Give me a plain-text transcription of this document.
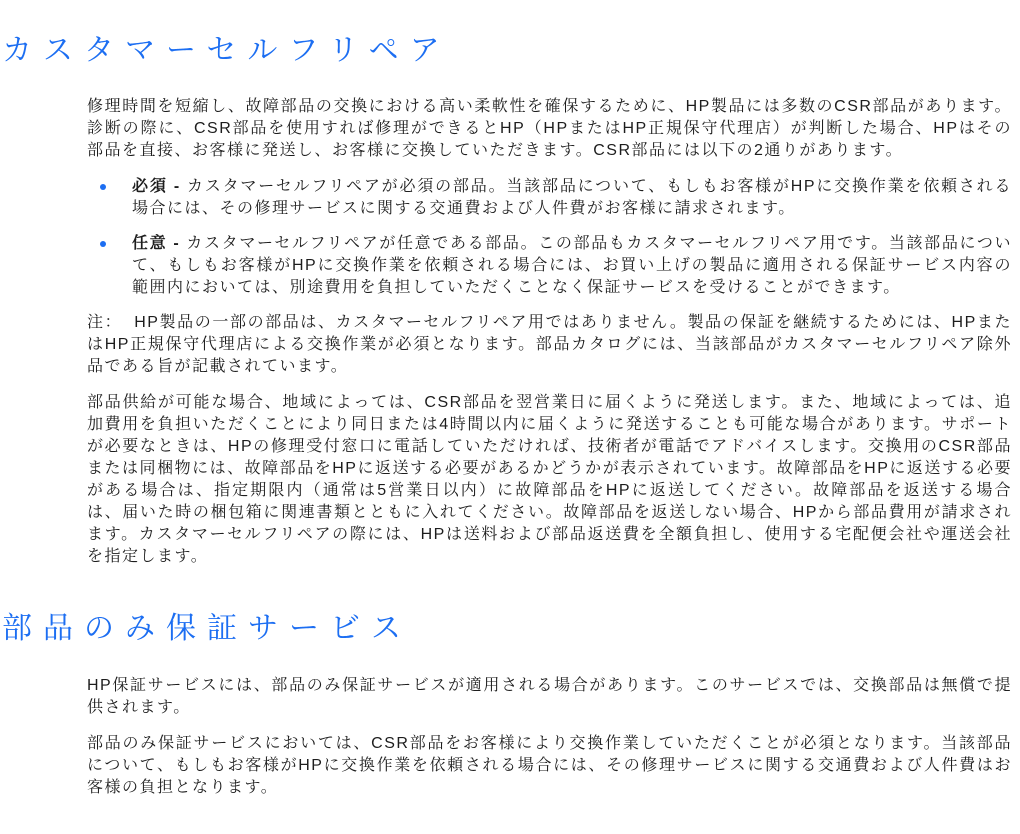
カスタマーセルフリペア

修理時間を短縮し、故障部品の交換における高い柔軟性を確保するために、HP製品には多数のCSR部品があります。診断の際に、CSR部品を使用すれば修理ができるとHP（HPまたはHP正規保守代理店）が判断した場合、HPはその部品を直接、お客様に発送し、お客様に交換していただきます。CSR部品には以下の2通りがあります。

必須 - カスタマーセルフリペアが必須の部品。当該部品について、もしもお客様がHPに交換作業を依頼される場合には、その修理サービスに関する交通費および人件費がお客様に請求されます。
任意 - カスタマーセルフリペアが任意である部品。この部品もカスタマーセルフリペア用です。当該部品について、もしもお客様がHPに交換作業を依頼される場合には、お買い上げの製品に適用される保証サービス内容の範囲内においては、別途費用を負担していただくことなく保証サービスを受けることができます。

注： HP製品の一部の部品は、カスタマーセルフリペア用ではありません。製品の保証を継続するためには、HPまたはHP正規保守代理店による交換作業が必須となります。部品カタログには、当該部品がカスタマーセルフリペア除外品である旨が記載されています。

部品供給が可能な場合、地域によっては、CSR部品を翌営業日に届くように発送します。また、地域によっては、追加費用を負担いただくことにより同日または4時間以内に届くように発送することも可能な場合があります。サポートが必要なときは、HPの修理受付窓口に電話していただければ、技術者が電話でアドバイスします。交換用のCSR部品または同梱物には、故障部品をHPに返送する必要があるかどうかが表示されています。故障部品をHPに返送する必要がある場合は、指定期限内（通常は5営業日以内）に故障部品をHPに返送してください。故障部品を返送する場合は、届いた時の梱包箱に関連書類とともに入れてください。故障部品を返送しない場合、HPから部品費用が請求されます。カスタマーセルフリペアの際には、HPは送料および部品返送費を全額負担し、使用する宅配便会社や運送会社を指定します。

部品のみ保証サービス

HP保証サービスには、部品のみ保証サービスが適用される場合があります。このサービスでは、交換部品は無償で提供されます。

部品のみ保証サービスにおいては、CSR部品をお客様により交換作業していただくことが必須となります。当該部品について、もしもお客様がHPに交換作業を依頼される場合には、その修理サービスに関する交通費および人件費はお客様の負担となります。
